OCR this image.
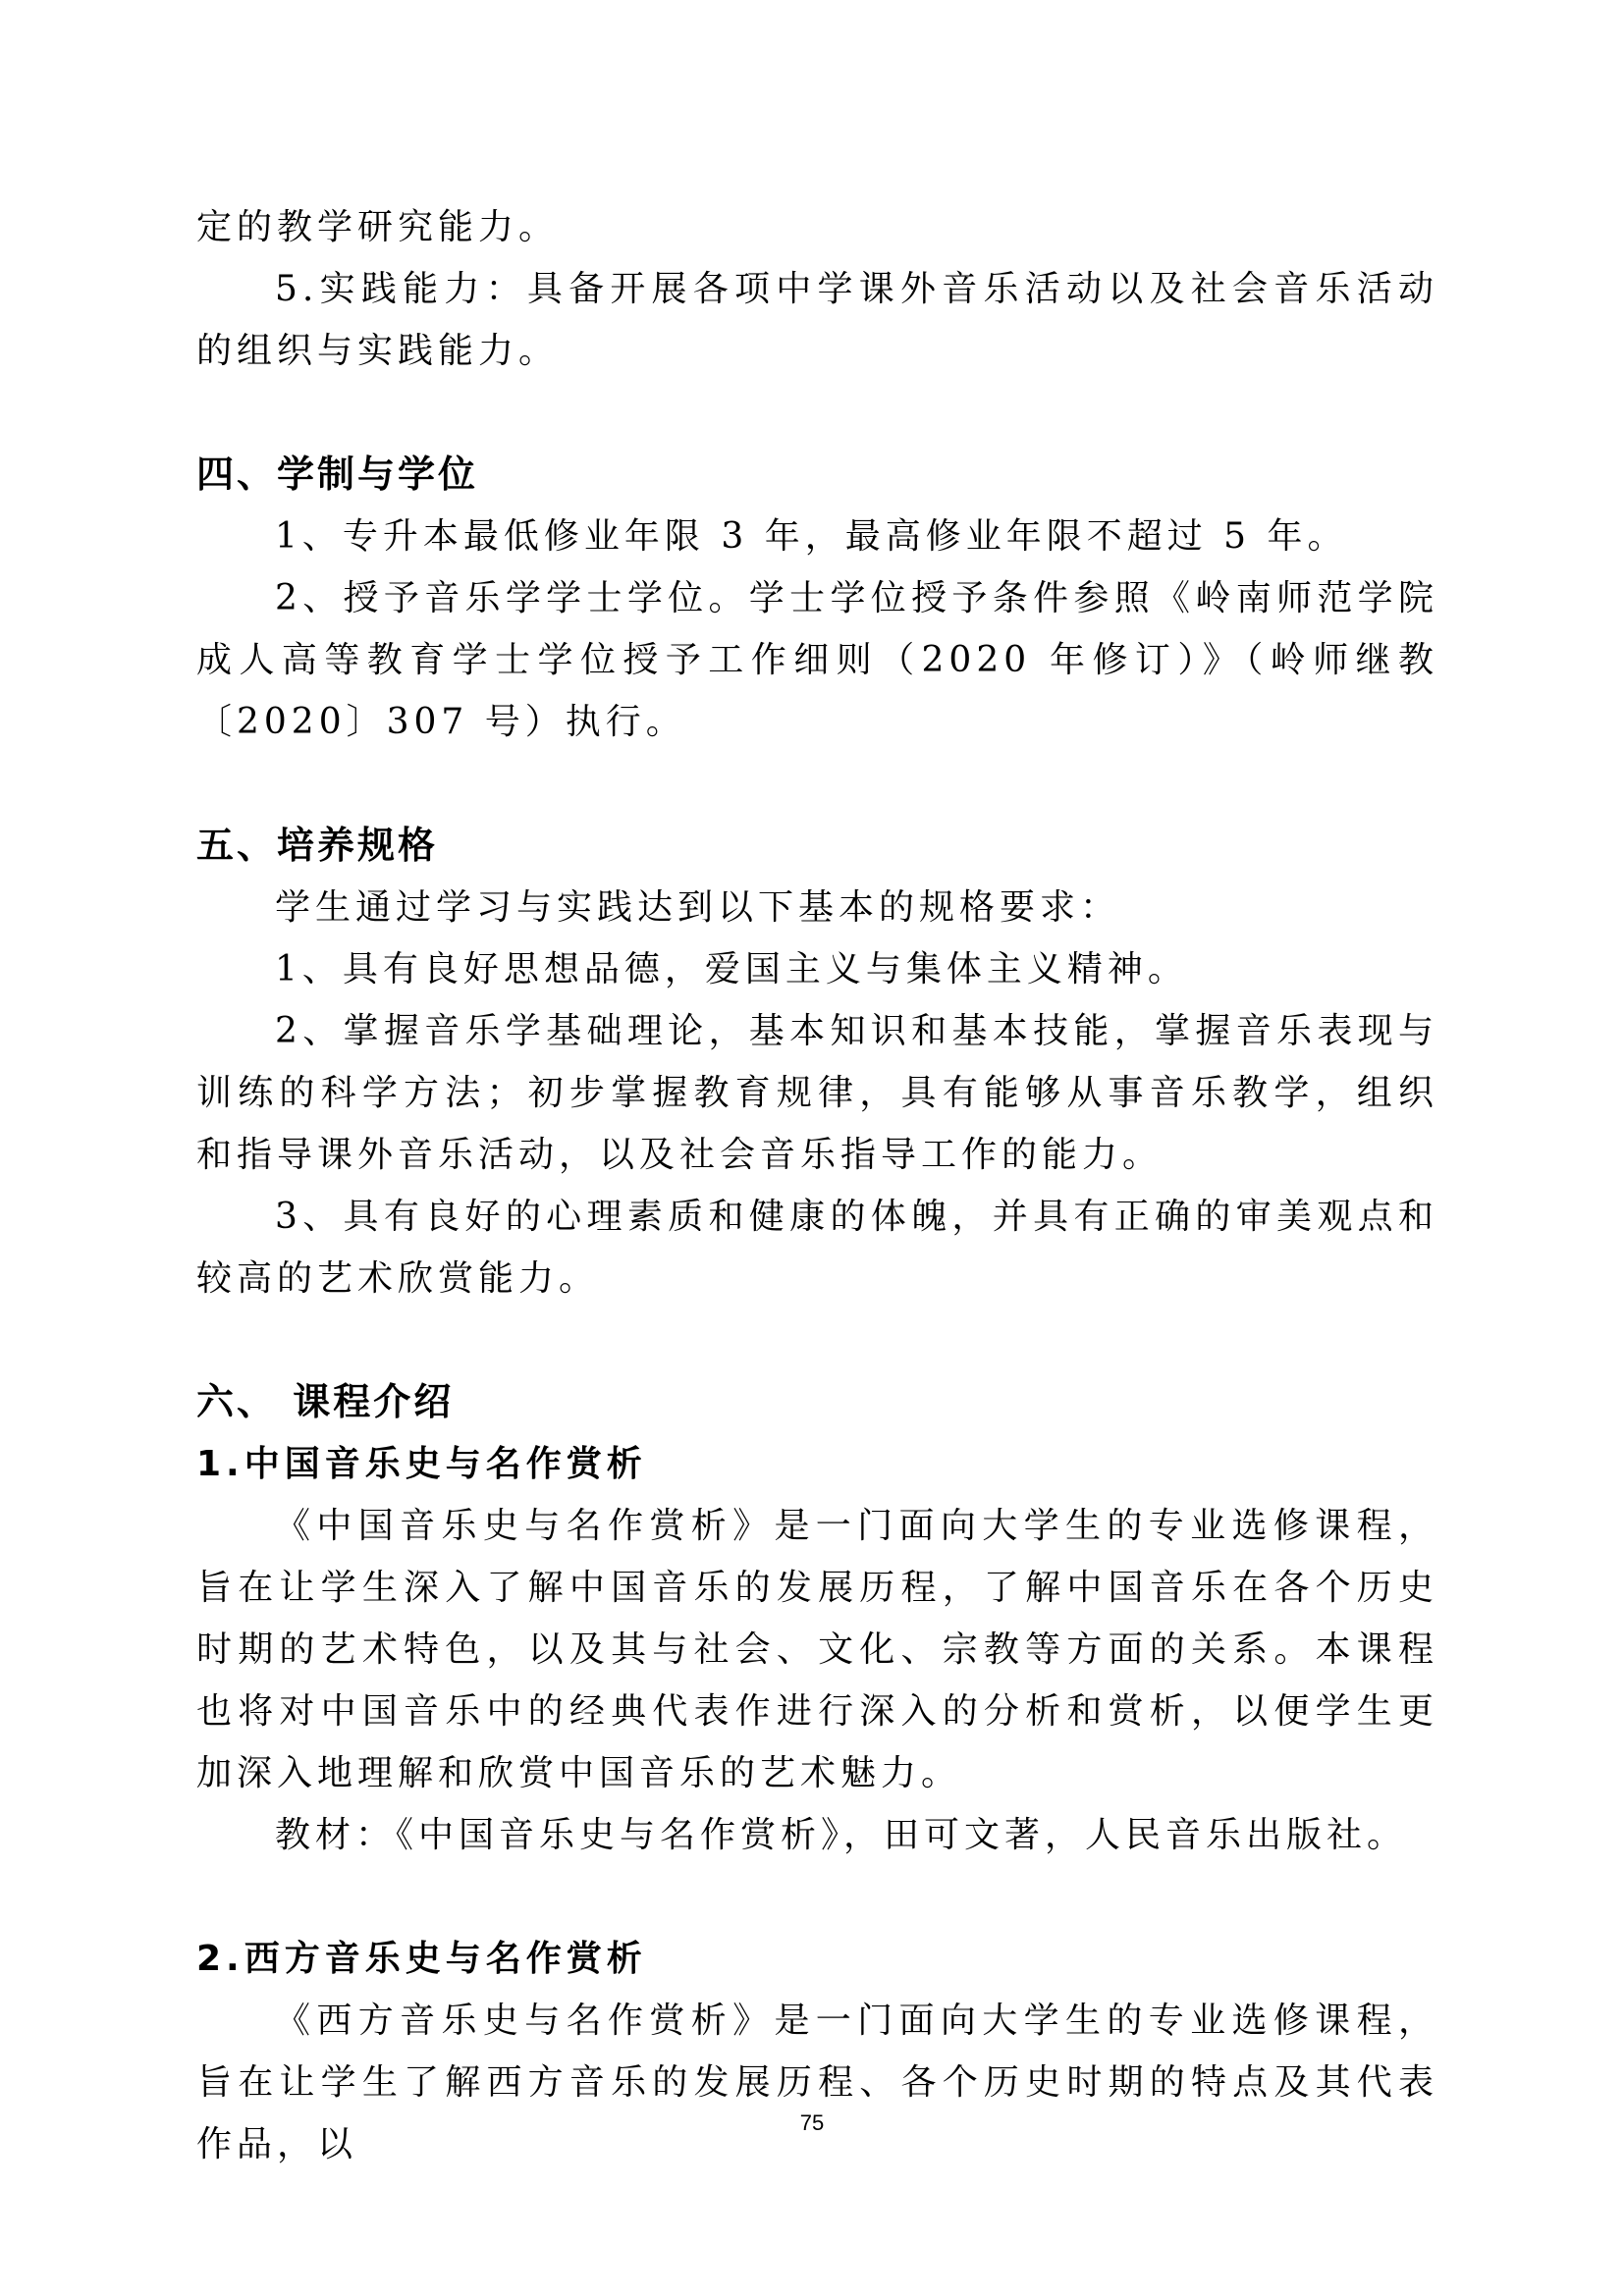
定的教学研究能力。

5.实践能力：具备开展各项中学课外音乐活动以及社会音乐活动的组织与实践能力。

四、学制与学位

1、专升本最低修业年限 3 年，最高修业年限不超过 5 年。

2、授予音乐学学士学位。学士学位授予条件参照《岭南师范学院成人高等教育学士学位授予工作细则（2020 年修订）》（岭师继教〔2020〕307 号）执行。

五、培养规格

学生通过学习与实践达到以下基本的规格要求：

1、具有良好思想品德，爱国主义与集体主义精神。

2、掌握音乐学基础理论，基本知识和基本技能，掌握音乐表现与训练的科学方法；初步掌握教育规律，具有能够从事音乐教学，组织和指导课外音乐活动，以及社会音乐指导工作的能力。

3、具有良好的心理素质和健康的体魄，并具有正确的审美观点和较高的艺术欣赏能力。

六、 课程介绍

1.中国音乐史与名作赏析

《中国音乐史与名作赏析》是一门面向大学生的专业选修课程，旨在让学生深入了解中国音乐的发展历程，了解中国音乐在各个历史时期的艺术特色，以及其与社会、文化、宗教等方面的关系。本课程也将对中国音乐中的经典代表作进行深入的分析和赏析，以便学生更加深入地理解和欣赏中国音乐的艺术魅力。

教材：《中国音乐史与名作赏析》，田可文著，人民音乐出版社。

2.西方音乐史与名作赏析

《西方音乐史与名作赏析》是一门面向大学生的专业选修课程，旨在让学生了解西方音乐的发展历程、各个历史时期的特点及其代表作品，以

75
